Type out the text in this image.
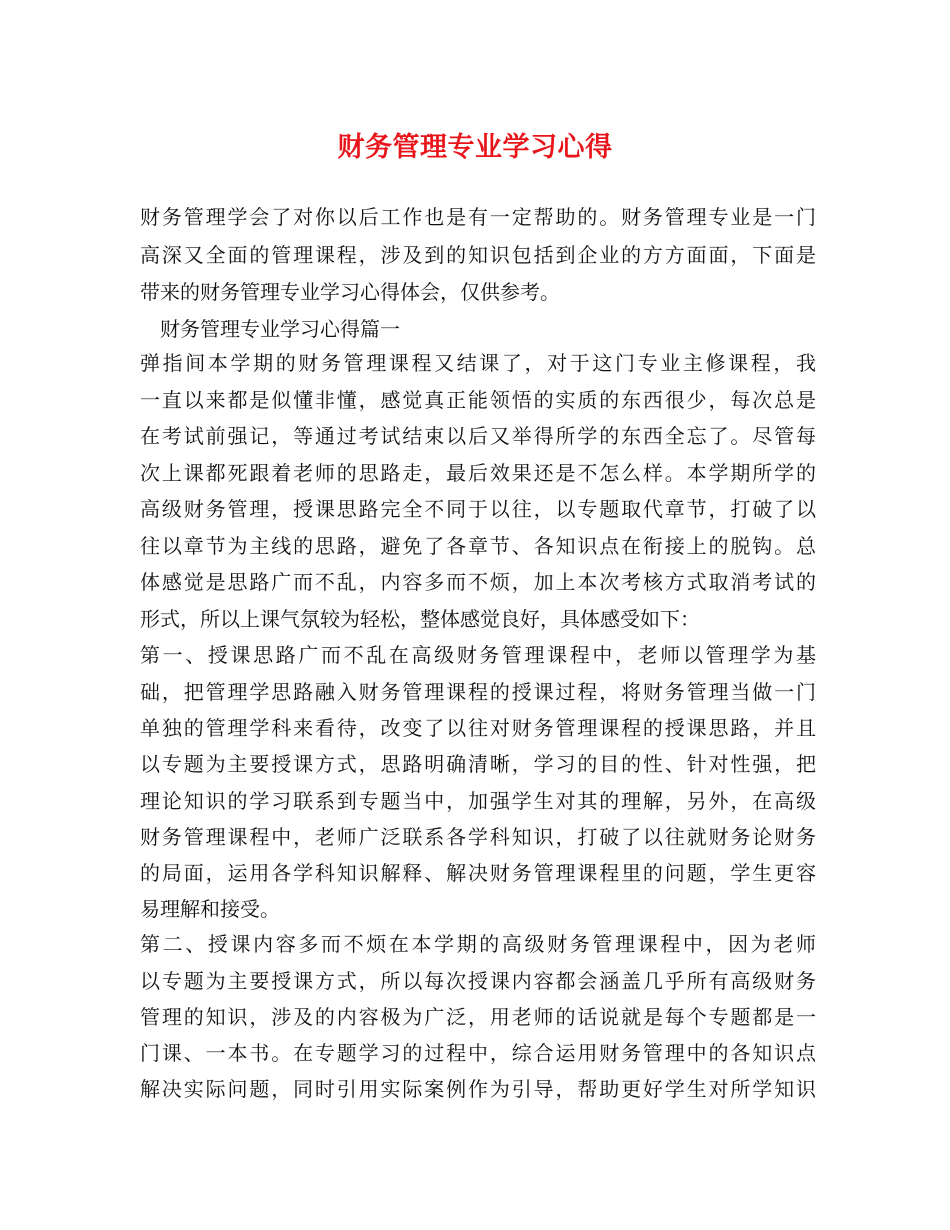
财务管理专业学习心得
财务管理学会了对你以后工作也是有一定帮助的。财务管理专业是一门
高深又全面的管理课程，涉及到的知识包括到企业的方方面面，下面是
带来的财务管理专业学习心得体会，仅供参考。
　财务管理专业学习心得篇一
弹指间本学期的财务管理课程又结课了，对于这门专业主修课程，我
一直以来都是似懂非懂，感觉真正能领悟的实质的东西很少，每次总是
在考试前强记，等通过考试结束以后又举得所学的东西全忘了。尽管每
次上课都死跟着老师的思路走，最后效果还是不怎么样。本学期所学的
高级财务管理，授课思路完全不同于以往，以专题取代章节，打破了以
往以章节为主线的思路，避免了各章节、各知识点在衔接上的脱钩。总
体感觉是思路广而不乱，内容多而不烦，加上本次考核方式取消考试的
形式，所以上课气氛较为轻松，整体感觉良好，具体感受如下：
第一、授课思路广而不乱在高级财务管理课程中，老师以管理学为基
础，把管理学思路融入财务管理课程的授课过程，将财务管理当做一门
单独的管理学科来看待，改变了以往对财务管理课程的授课思路，并且
以专题为主要授课方式，思路明确清晰，学习的目的性、针对性强，把
理论知识的学习联系到专题当中，加强学生对其的理解，另外，在高级
财务管理课程中，老师广泛联系各学科知识，打破了以往就财务论财务
的局面，运用各学科知识解释、解决财务管理课程里的问题，学生更容
易理解和接受。
第二、授课内容多而不烦在本学期的高级财务管理课程中，因为老师
以专题为主要授课方式，所以每次授课内容都会涵盖几乎所有高级财务
管理的知识，涉及的内容极为广泛，用老师的话说就是每个专题都是一
门课、一本书。在专题学习的过程中，综合运用财务管理中的各知识点
解决实际问题，同时引用实际案例作为引导，帮助更好学生对所学知识
